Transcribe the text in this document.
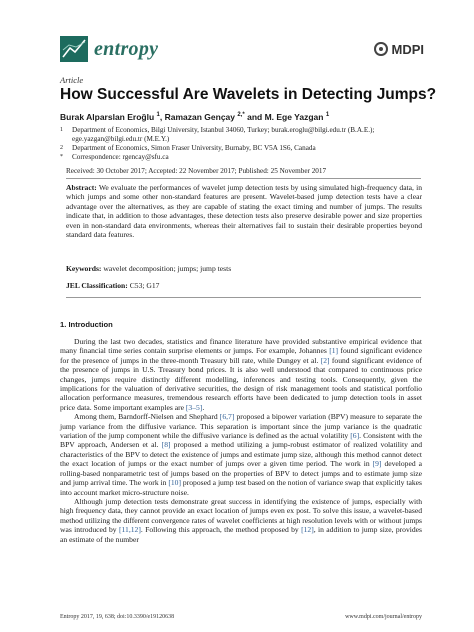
entropy	MDPI
Article
How Successful Are Wavelets in Detecting Jumps?
Burak Alparslan Eroğlu $^1$, Ramazan Gençay $^{2,*}$ and M. Ege Yazgan $^1$
1 Department of Economics, Bilgi University, Istanbul 34060, Turkey; burak.eroglu@bilgi.edu.tr (B.A.E.);
ege.yazgan@bilgi.edu.tr (M.E.Y.)
2 Department of Economics, Simon Fraser University, Burnaby, BC V5A 1S6, Canada
* Correspondence: rgencay@sfu.ca
Received: 30 October 2017; Accepted: 22 November 2017; Published: 25 November 2017
Abstract: We evaluate the performances of wavelet jump detection tests by using simulated high-frequency data, in which jumps and some other non-standard features are present. Wavelet-based jump detection tests have a clear advantage over the alternatives, as they are capable of stating the exact timing and number of jumps. The results indicate that, in addition to those advantages, these detection tests also preserve desirable power and size properties even in non-standard data environments, whereas their alternatives fail to sustain their desirable properties beyond standard data features.
Keywords: wavelet decomposition; jumps; jump tests
JEL Classification: C53; G17
1. Introduction

During the last two decades, statistics and finance literature have provided substantive empirical evidence that many financial time series contain surprise elements or jumps. For example, Johannes [1] found significant evidence for the presence of jumps in the three-month Treasury bill rate, while Dungey et al. [2] found significant evidence of the presence of jumps in U.S. Treasury bond prices. It is also well understood that compared to continuous price changes, jumps require distinctly different modelling, inferences and testing tools. Consequently, given the implications for the valuation of derivative securities, the design of risk management tools and statistical portfolio allocation performance measures, tremendous research efforts have been dedicated to jump detection tools in asset price data. Some important examples are [3–5].

Among them, Barndorff-Nielsen and Shephard [6,7] proposed a bipower variation (BPV) measure to separate the jump variance from the diffusive variance. This separation is important since the jump variance is the quadratic variation of the jump component while the diffusive variance is defined as the actual volatility [6]. Consistent with the BPV approach, Andersen et al. [8] proposed a method utilizing a jump-robust estimator of realized volatility and characteristics of the BPV to detect the existence of jumps and estimate jump size, although this method cannot detect the exact location of jumps or the exact number of jumps over a given time period. The work in [9] developed a rolling-based nonparametric test of jumps based on the properties of BPV to detect jumps and to estimate jump size and jump arrival time. The work in [10] proposed a jump test based on the notion of variance swap that explicitly takes into account market micro-structure noise.

Although jump detection tests demonstrate great success in identifying the existence of jumps, especially with high frequency data, they cannot provide an exact location of jumps even ex post. To solve this issue, a wavelet-based method utilizing the different convergence rates of wavelet coefficients at high resolution levels with or without jumps was introduced by [11,12]. Following this approach, the method proposed by [12], in addition to jump size, provides an estimate of the number

Entropy 2017, 19, 638; doi:10.3390/e19120638	www.mdpi.com/journal/entropy
